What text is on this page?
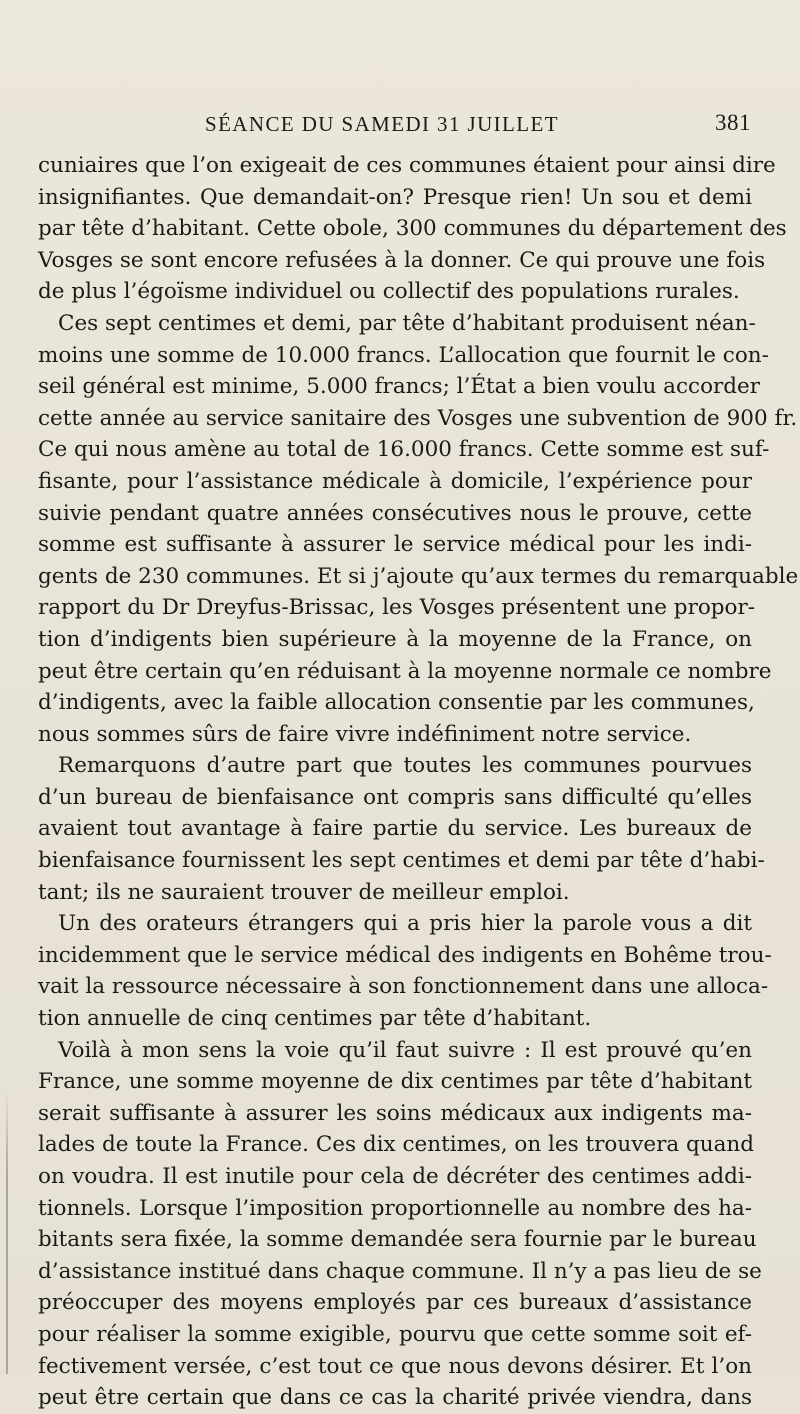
SÉANCE DU SAMEDI 31 JUILLET	381
cuniaires que l’on exigeait de ces communes étaient pour ainsi dire
insignifiantes. Que demandait-on? Presque rien! Un sou et demi
par tête d’habitant. Cette obole, 300 communes du département des
Vosges se sont encore refusées à la donner. Ce qui prouve une fois
de plus l’égoïsme individuel ou collectif des populations rurales.
Ces sept centimes et demi, par tête d’habitant produisent néan-
moins une somme de 10.000 francs. L’allocation que fournit le con-
seil général est minime, 5.000 francs; l’État a bien voulu accorder
cette année au service sanitaire des Vosges une subvention de 900 fr.
Ce qui nous amène au total de 16.000 francs. Cette somme est suf-
fisante, pour l’assistance médicale à domicile, l’expérience pour
suivie pendant quatre années consécutives nous le prouve, cette
somme est suffisante à assurer le service médical pour les indi-
gents de 230 communes. Et si j’ajoute qu’aux termes du remarquable
rapport du Dr Dreyfus-Brissac, les Vosges présentent une propor-
tion d’indigents bien supérieure à la moyenne de la France, on
peut être certain qu’en réduisant à la moyenne normale ce nombre
d’indigents, avec la faible allocation consentie par les communes,
nous sommes sûrs de faire vivre indéfiniment notre service.
Remarquons d’autre part que toutes les communes pourvues
d’un bureau de bienfaisance ont compris sans difficulté qu’elles
avaient tout avantage à faire partie du service. Les bureaux de
bienfaisance fournissent les sept centimes et demi par tête d’habi-
tant; ils ne sauraient trouver de meilleur emploi.
Un des orateurs étrangers qui a pris hier la parole vous a dit
incidemment que le service médical des indigents en Bohême trou-
vait la ressource nécessaire à son fonctionnement dans une alloca-
tion annuelle de cinq centimes par tête d’habitant.
Voilà à mon sens la voie qu’il faut suivre : Il est prouvé qu’en
France, une somme moyenne de dix centimes par tête d’habitant
serait suffisante à assurer les soins médicaux aux indigents ma-
lades de toute la France. Ces dix centimes, on les trouvera quand
on voudra. Il est inutile pour cela de décréter des centimes addi-
tionnels. Lorsque l’imposition proportionnelle au nombre des ha-
bitants sera fixée, la somme demandée sera fournie par le bureau
d’assistance institué dans chaque commune. Il n’y a pas lieu de se
préoccuper des moyens employés par ces bureaux d’assistance
pour réaliser la somme exigible, pourvu que cette somme soit ef-
fectivement versée, c’est tout ce que nous devons désirer. Et l’on
peut être certain que dans ce cas la charité privée viendra, dans
